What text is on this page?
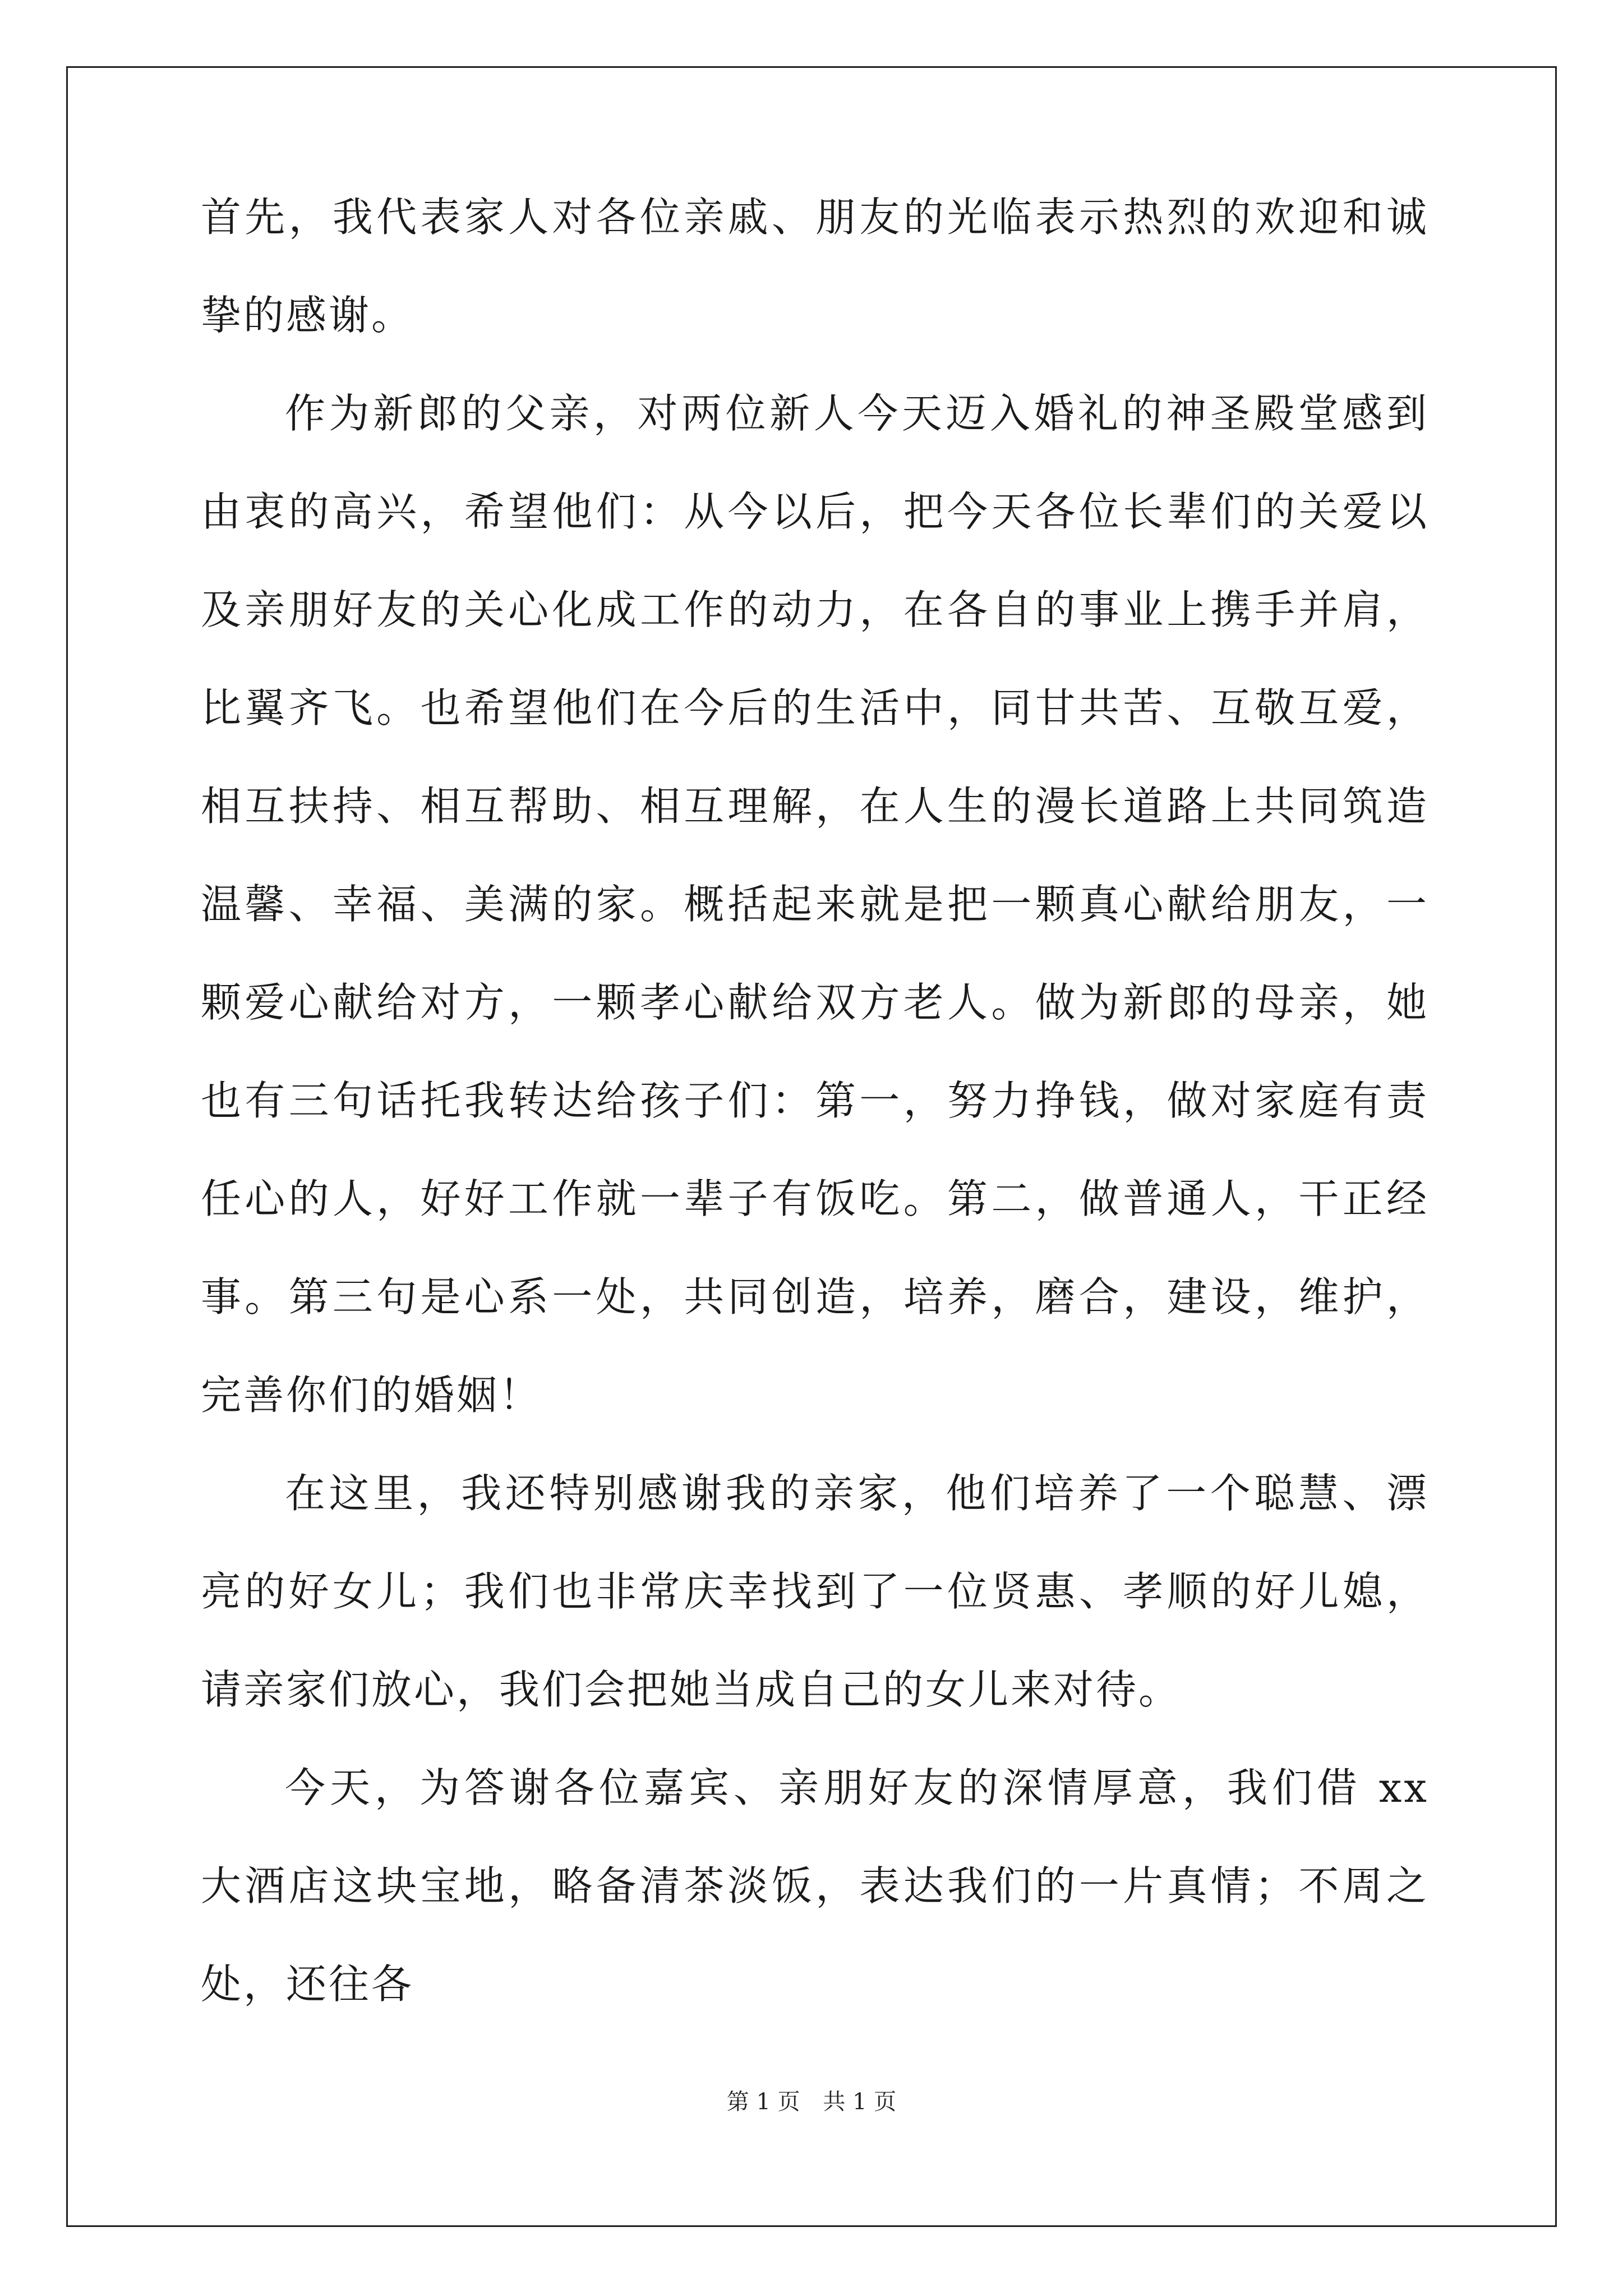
首先，我代表家人对各位亲戚、朋友的光临表示热烈的欢迎和诚挚的感谢。

作为新郎的父亲，对两位新人今天迈入婚礼的神圣殿堂感到由衷的高兴，希望他们：从今以后，把今天各位长辈们的关爱以及亲朋好友的关心化成工作的动力，在各自的事业上携手并肩，比翼齐飞。也希望他们在今后的生活中，同甘共苦、互敬互爱，相互扶持、相互帮助、相互理解，在人生的漫长道路上共同筑造温馨、幸福、美满的家。概括起来就是把一颗真心献给朋友，一颗爱心献给对方，一颗孝心献给双方老人。做为新郎的母亲，她也有三句话托我转达给孩子们：第一，努力挣钱，做对家庭有责任心的人，好好工作就一辈子有饭吃。第二，做普通人，干正经事。第三句是心系一处，共同创造，培养，磨合，建设，维护，完善你们的婚姻！

在这里，我还特别感谢我的亲家，他们培养了一个聪慧、漂亮的好女儿；我们也非常庆幸找到了一位贤惠、孝顺的好儿媳，请亲家们放心，我们会把她当成自己的女儿来对待。

今天，为答谢各位嘉宾、亲朋好友的深情厚意，我们借 xx 大酒店这块宝地，略备清茶淡饭，表达我们的一片真情；不周之处，还往各

第 1 页 共 1 页
